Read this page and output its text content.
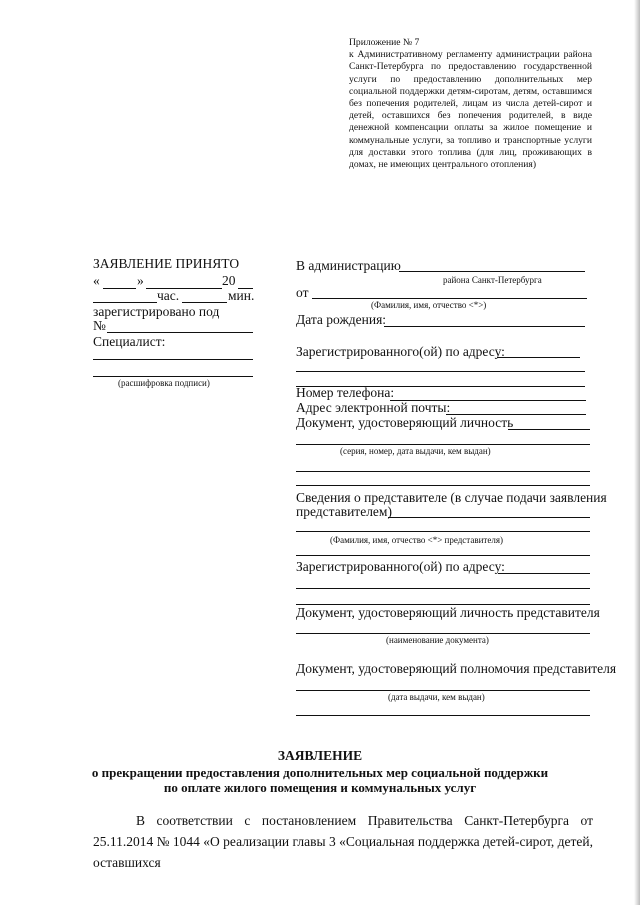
Приложение № 7
к Административному регламенту администрации района Санкт-Петербурга по предоставлению государственной услуги по предоставлению дополнительных мер социальной поддержки детям-сиротам, детям, оставшимся без попечения родителей, лицам из числа детей-сирот и детей, оставшихся без попечения родителей, в виде денежной компенсации оплаты за жилое помещение и коммунальные услуги, за топливо и транспортные услуги для доставки этого топлива (для лиц, проживающих в домах, не имеющих центрального отопления)
ЗАЯВЛЕНИЕ ПРИНЯТО
«	»	20
час.	мин.
зарегистрировано под
№
Специалист:
(расшифровка подписи)
В администрацию
района Санкт-Петербурга
от
(Фамилия, имя, отчество <*>)
Дата рождения:
Зарегистрированного(ой) по адресу:
Номер телефона:
Адрес электронной почты:
Документ, удостоверяющий личность
(серия, номер, дата выдачи, кем выдан)
Сведения о представителе (в случае подачи заявления
представителем)
(Фамилия, имя, отчество <*> представителя)
Зарегистрированного(ой) по адресу:
Документ, удостоверяющий личность представителя
(наименование документа)
Документ, удостоверяющий полномочия представителя
(дата выдачи, кем выдан)
ЗАЯВЛЕНИЕ
о прекращении предоставления дополнительных мер социальной поддержки
по оплате жилого помещения и коммунальных услуг
В соответствии с постановлением Правительства Санкт-Петербурга от 25.11.2014 № 1044 «О реализации главы 3 «Социальная поддержка детей-сирот, детей, оставшихся
